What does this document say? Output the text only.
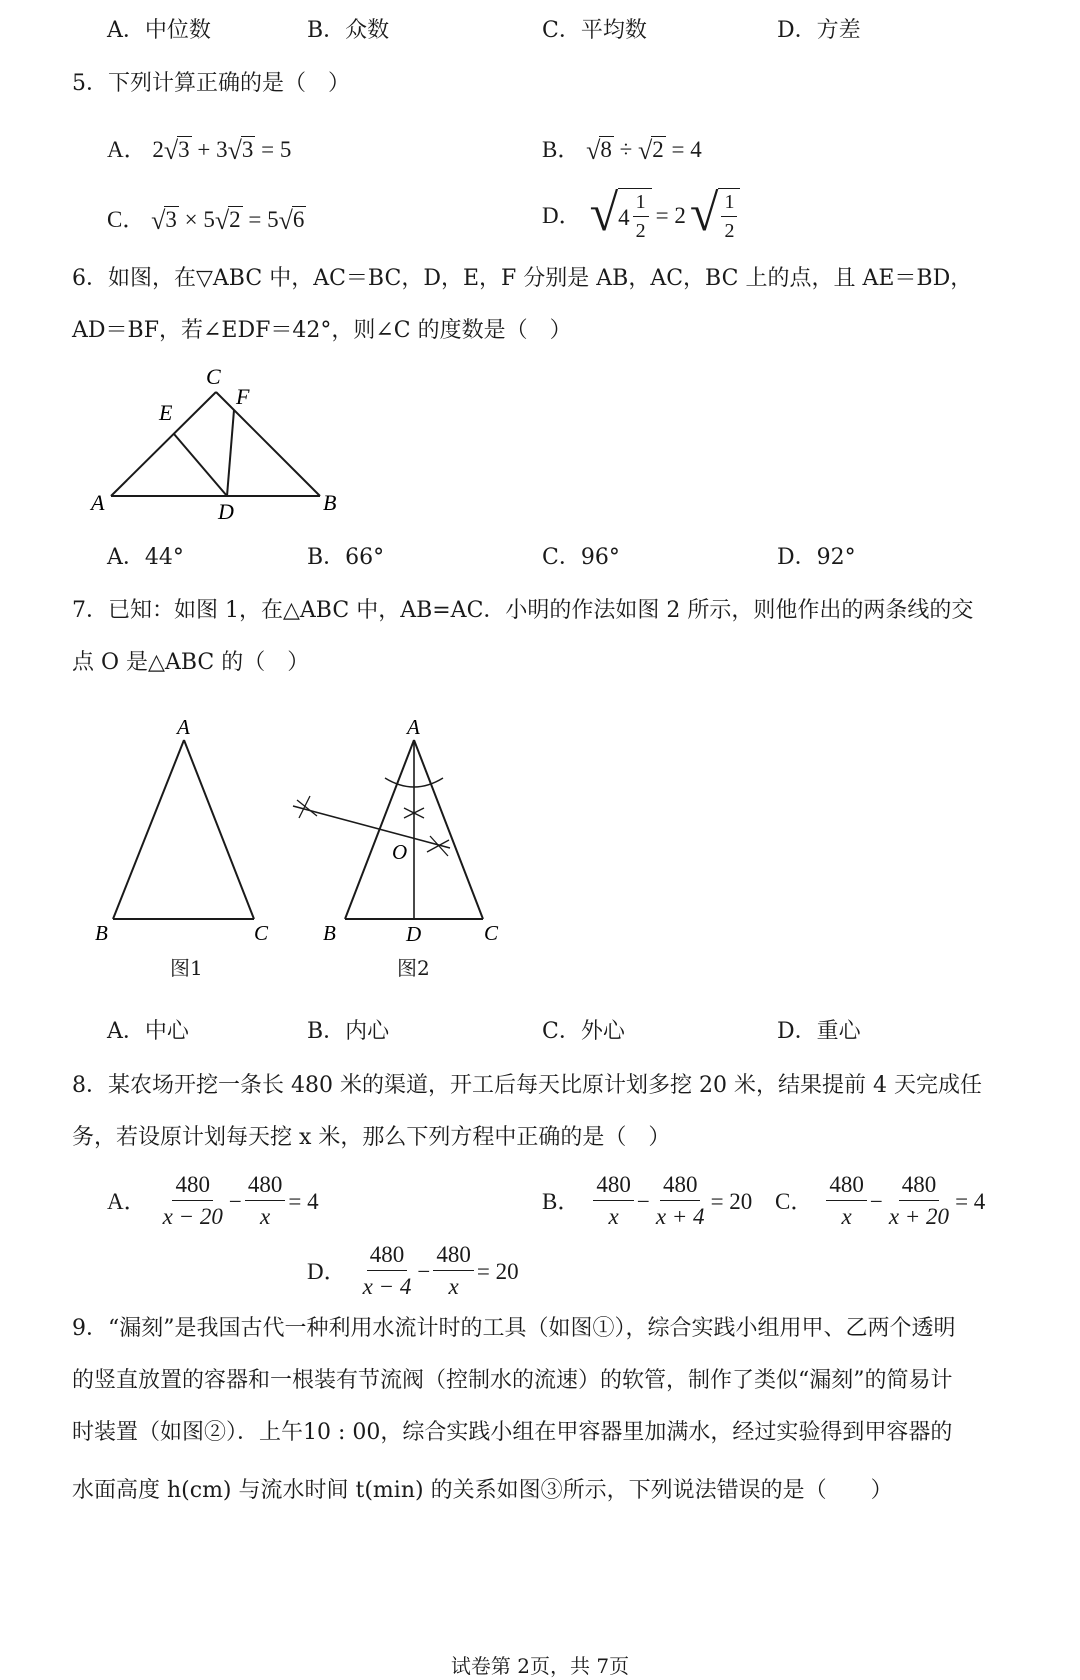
A．中位数	B．众数	C．平均数	D．方差
5．下列计算正确的是（　）
A． 2√3 + 3√3 = 5	B． √8 ÷ √2 = 4
C． √3 × 5√2 = 5√6	D． √ $4 \frac{1}{2} = 2$ √ $\frac{1}{2}$
6．如图，在▽ABC 中，AC＝BC，D，E，F 分别是 AB，AC，BC 上的点，且 AE＝BD，
AD＝BF，若∠EDF＝42°，则∠C 的度数是（　）
A	B
C
D
E
F
A．44°	B．66°	C．96°	D．92°
7．已知：如图 1，在△ABC 中，AB=AC．小明的作法如图 2 所示，则他作出的两条线的交
点 O 是△ABC 的（　）
A
B	C
A
B	C
D
O
图1	图2
A．中心	B．内心	C．外心	D．重心
8．某农场开挖一条长 480 米的渠道，开工后每天比原计划多挖 20 米，结果提前 4 天完成任
务，若设原计划每天挖 x 米，那么下列方程中正确的是（　）
A． $\frac{480}{x - 20} - \frac{480}{x} = 4$	B． $\frac{480}{x} - \frac{480}{x + 4} = 20$ C． $\frac{480}{x} - \frac{480}{x + 20} = 4$
D． $\frac{480}{x - 4} - \frac{480}{x} = 20$
9．“漏刻”是我国古代一种利用水流计时的工具（如图①），综合实践小组用甲、乙两个透明
的竖直放置的容器和一根装有节流阀（控制水的流速）的软管，制作了类似“漏刻”的简易计
时装置（如图②）．上午10 : 00，综合实践小组在甲容器里加满水，经过实验得到甲容器的
水面高度 h(cm) 与流水时间 t(min) 的关系如图③所示，下列说法错误的是（　　）
试卷第 2页，共 7页
